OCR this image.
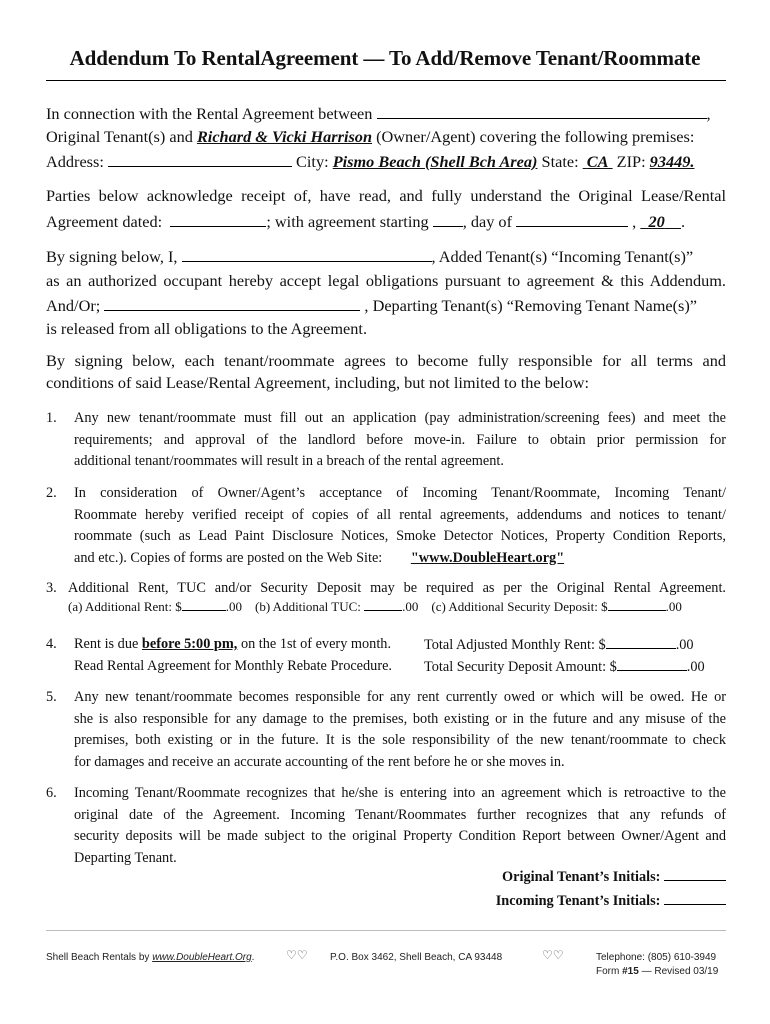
Addendum To RentalAgreement — To Add/Remove Tenant/Roommate
In connection with the Rental Agreement between	,
Original Tenant(s) and Richard & Vicki Harrison (Owner/Agent) covering the following premises:
Address:	City: Pismo Beach (Shell Bch Area) State: CA ZIP: 93449.
Parties below acknowledge receipt of, have read, and fully understand the Original Lease/Rental
Agreement dated:	; with agreement starting , day of	, 20 .
By signing below, I,	, Added Tenant(s) “Incoming Tenant(s)”
as an authorized occupant hereby accept legal obligations pursuant to agreement & this Addendum.
And/Or;	, Departing Tenant(s) “Removing Tenant Name(s)”
is released from all obligations to the Agreement.
By signing below, each tenant/roommate agrees to become fully responsible for all terms and
conditions of said Lease/Rental Agreement, including, but not limited to the below:
1. Any new tenant/roommate must fill out an application (pay administration/screening fees) and meet the
requirements; and approval of the landlord before move-in. Failure to obtain prior permission for
additional tenant/roommates will result in a breach of the rental agreement.
2. In consideration of Owner/Agent’s acceptance of Incoming Tenant/Roommate, Incoming Tenant/
Roommate hereby verified receipt of copies of all rental agreements, addendums and notices to tenant/
roommate (such as Lead Paint Disclosure Notices, Smoke Detector Notices, Property Condition Reports,
and etc.). Copies of forms are posted on the Web Site: "www.DoubleHeart.org"
3. Additional Rent, TUC and/or Security Deposit may be required as per the Original Rental Agreement.
(a) Additional Rent: $	.00 (b) Additional TUC:	.00 (c) Additional Security Deposit: $	.00
4. Rent is due before 5:00 pm, on the 1st of every month. Total Adjusted Monthly Rent: $	.00
Read Rental Agreement for Monthly Rebate Procedure. Total Security Deposit Amount: $	.00
5. Any new tenant/roommate becomes responsible for any rent currently owed or which will be owed. He or
she is also responsible for any damage to the premises, both existing or in the future and any misuse of the
premises, both existing or in the future. It is the sole responsibility of the new tenant/roommate to check
for damages and receive an accurate accounting of the rent before he or she moves in.
6. Incoming Tenant/Roommate recognizes that he/she is entering into an agreement which is retroactive to the
original date of the Agreement. Incoming Tenant/Roommates further recognizes that any refunds of
security deposits will be made subject to the original Property Condition Report between Owner/Agent and
Departing Tenant.
Original Tenant’s Initials:
Incoming Tenant’s Initials:
Shell Beach Rentals by www.DoubleHeart.Org.	♡♡ P.O. Box 3462, Shell Beach, CA 93448	♡♡	Telephone: (805) 610-3949
Form #15 — Revised 03/19
